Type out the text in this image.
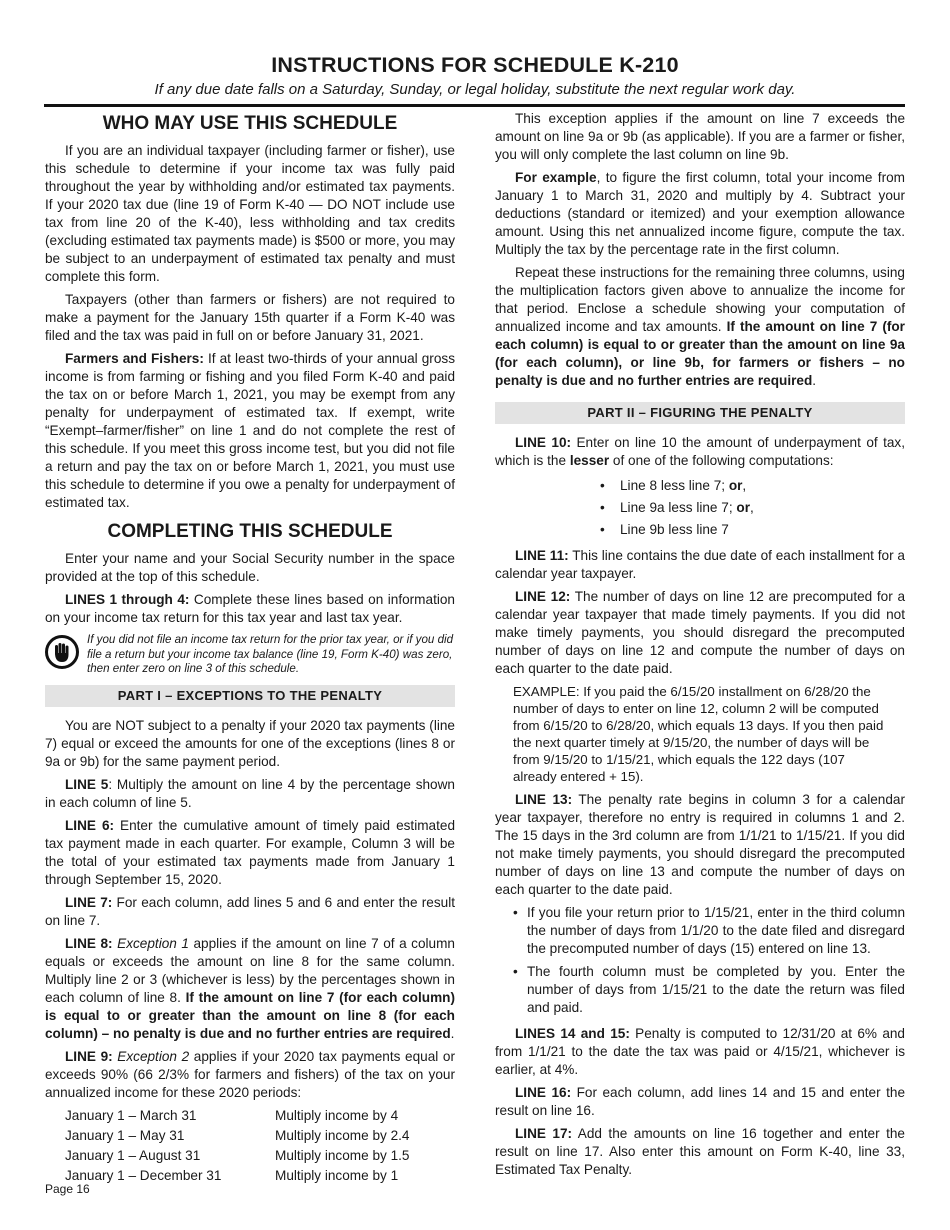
INSTRUCTIONS FOR SCHEDULE K-210
If any due date falls on a Saturday, Sunday, or legal holiday, substitute the next regular work day.
WHO MAY USE THIS SCHEDULE

If you are an individual taxpayer (including farmer or fisher), use this schedule to determine if your income tax was fully paid throughout the year by withholding and/or estimated tax payments. If your 2020 tax due (line 19 of Form K-40 — DO NOT include use tax from line 20 of the K-40), less withholding and tax credits (excluding estimated tax payments made) is $500 or more, you may be subject to an underpayment of estimated tax penalty and must complete this form.

Taxpayers (other than farmers or fishers) are not required to make a payment for the January 15th quarter if a Form K-40 was filed and the tax was paid in full on or before January 31, 2021.

Farmers and Fishers: If at least two-thirds of your annual gross income is from farming or fishing and you filed Form K-40 and paid the tax on or before March 1, 2021, you may be exempt from any penalty for underpayment of estimated tax. If exempt, write “Exempt–farmer/fisher” on line 1 and do not complete the rest of this schedule. If you meet this gross income test, but you did not file a return and pay the tax on or before March 1, 2021, you must use this schedule to determine if you owe a penalty for underpayment of estimated tax.

COMPLETING THIS SCHEDULE

Enter your name and your Social Security number in the space provided at the top of this schedule.

LINES 1 through 4: Complete these lines based on information on your income tax return for this tax year and last tax year.

If you did not file an income tax return for the prior tax year, or if you did file a return but your income tax balance (line 19, Form K-40) was zero, then enter zero on line 3 of this schedule.
PART I – EXCEPTIONS TO THE PENALTY

You are NOT subject to a penalty if your 2020 tax payments (line 7) equal or exceed the amounts for one of the exceptions (lines 8 or 9a or 9b) for the same payment period.

LINE 5: Multiply the amount on line 4 by the percentage shown in each column of line 5.

LINE 6: Enter the cumulative amount of timely paid estimated tax payment made in each quarter. For example, Column 3 will be the total of your estimated tax payments made from January 1 through September 15, 2020.

LINE 7: For each column, add lines 5 and 6 and enter the result on line 7.

LINE 8: Exception 1 applies if the amount on line 7 of a column equals or exceeds the amount on line 8 for the same column. Multiply line 2 or 3 (whichever is less) by the percentages shown in each column of line 8. If the amount on line 7 (for each column) is equal to or greater than the amount on line 8 (for each column) – no penalty is due and no further entries are required.

LINE 9: Exception 2 applies if your 2020 tax payments equal or exceeds 90% (66 2/3% for farmers and fishers) of the tax on your annualized income for these 2020 periods:

January 1 – March 31	Multiply income by 4
January 1 – May 31	Multiply income by 2.4
January 1 – August 31	Multiply income by 1.5
January 1 – December 31	Multiply income by 1

This exception applies if the amount on line 7 exceeds the amount on line 9a or 9b (as applicable). If you are a farmer or fisher, you will only complete the last column on line 9b.

For example, to figure the first column, total your income from January 1 to March 31, 2020 and multiply by 4. Subtract your deductions (standard or itemized) and your exemption allowance amount. Using this net annualized income figure, compute the tax. Multiply the tax by the percentage rate in the first column.

Repeat these instructions for the remaining three columns, using the multiplication factors given above to annualize the income for that period. Enclose a schedule showing your computation of annualized income and tax amounts. If the amount on line 7 (for each column) is equal to or greater than the amount on line 9a (for each column), or line 9b, for farmers or fishers – no penalty is due and no further entries are required.

PART II – FIGURING THE PENALTY

LINE 10: Enter on line 10 the amount of underpayment of tax, which is the lesser of one of the following computations:

• Line 8 less line 7; or,
• Line 9a less line 7; or,
• Line 9b less line 7

LINE 11: This line contains the due date of each installment for a calendar year taxpayer.

LINE 12: The number of days on line 12 are precomputed for a calendar year taxpayer that made timely payments. If you did not make timely payments, you should disregard the precomputed number of days on line 12 and compute the number of days on each quarter to the date paid.

EXAMPLE: If you paid the 6/15/20 installment on 6/28/20 the number of days to enter on line 12, column 2 will be computed from 6/15/20 to 6/28/20, which equals 13 days. If you then paid the next quarter timely at 9/15/20, the number of days will be from 9/15/20 to 1/15/21, which equals the 122 days (107 already entered + 15).

LINE 13: The penalty rate begins in column 3 for a calendar year taxpayer, therefore no entry is required in columns 1 and 2. The 15 days in the 3rd column are from 1/1/21 to 1/15/21. If you did not make timely payments, you should disregard the precomputed number of days on line 13 and compute the number of days on each quarter to the date paid.

• If you file your return prior to 1/15/21, enter in the third column the number of days from 1/1/20 to the date filed and disregard the precomputed number of days (15) entered on line 13.
• The fourth column must be completed by you. Enter the number of days from 1/15/21 to the date the return was filed and paid.

LINES 14 and 15: Penalty is computed to 12/31/20 at 6% and from 1/1/21 to the date the tax was paid or 4/15/21, whichever is earlier, at 4%.

LINE 16: For each column, add lines 14 and 15 and enter the result on line 16.

LINE 17: Add the amounts on line 16 together and enter the result on line 17. Also enter this amount on Form K-40, line 33, Estimated Tax Penalty.

Page 16
